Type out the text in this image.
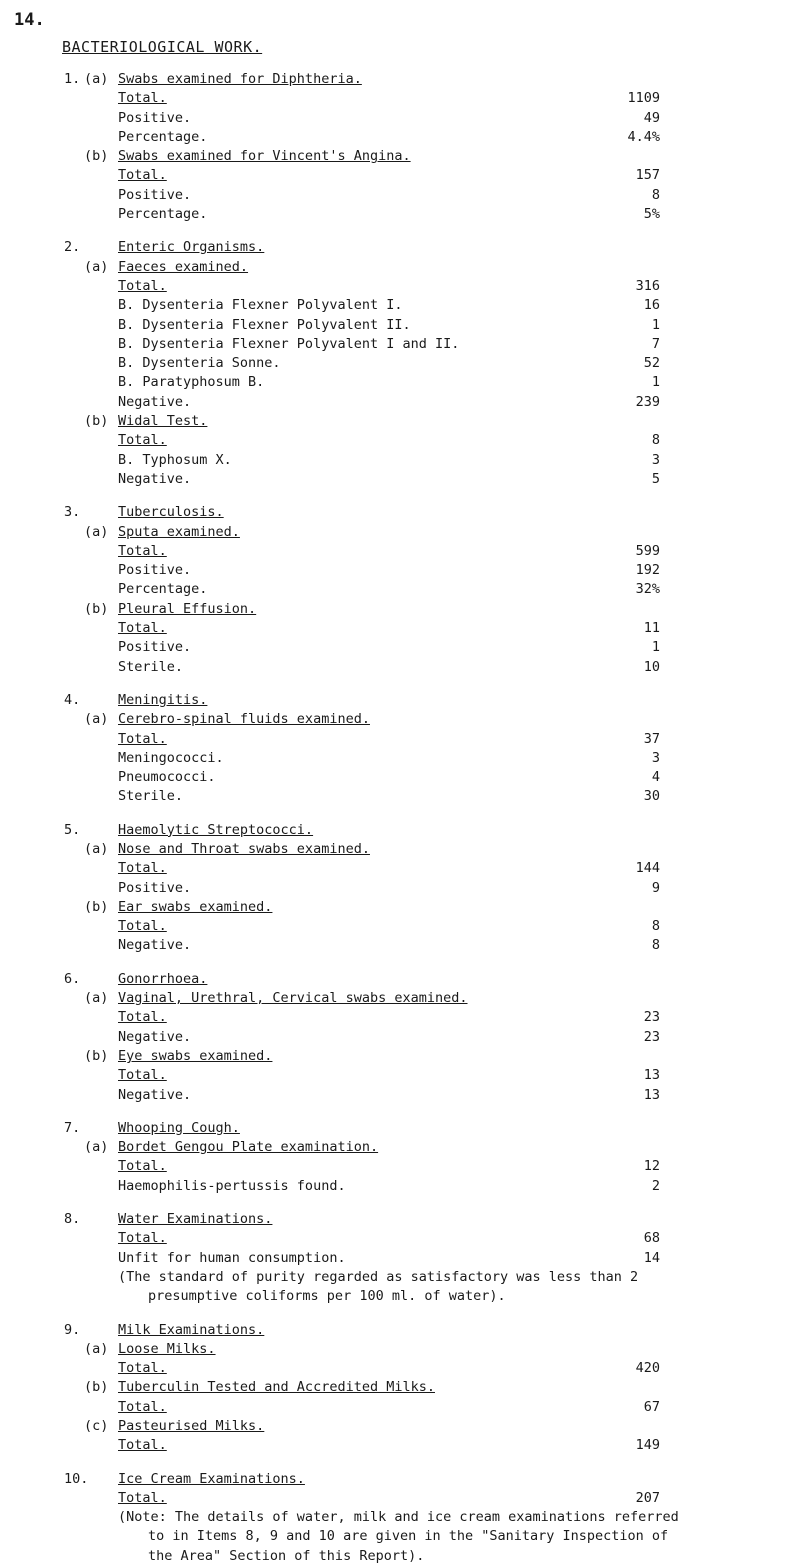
14.
BACTERIOLOGICAL WORK.
1. (a) Swabs examined for Diphtheria.
Total.	1109
Positive.	49
Percentage.	4.4%
(b) Swabs examined for Vincent's Angina.
Total.	157
Positive.	8
Percentage.	5%
2.	Enteric Organisms.
(a) Faeces examined.
Total.	316
B. Dysenteria Flexner Polyvalent I.	16
B. Dysenteria Flexner Polyvalent II.	1
B. Dysenteria Flexner Polyvalent I and II.	7
B. Dysenteria Sonne.	52
B. Paratyphosum B.	1
Negative.	239
(b) Widal Test.
Total.	8
B. Typhosum X.	3
Negative.	5
3.	Tuberculosis.
(a) Sputa examined.
Total.	599
Positive.	192
Percentage.	32%
(b) Pleural Effusion.
Total.	11
Positive.	1
Sterile.	10
4.	Meningitis.
(a) Cerebro-spinal fluids examined.
Total.	37
Meningococci.	3
Pneumococci.	4
Sterile.	30
5.	Haemolytic Streptococci.
(a) Nose and Throat swabs examined.
Total.	144
Positive.	9
(b) Ear swabs examined.
Total.	8
Negative.	8
6.	Gonorrhoea.
(a) Vaginal, Urethral, Cervical swabs examined.
Total.	23
Negative.	23
(b) Eye swabs examined.
Total.	13
Negative.	13
7.	Whooping Cough.
(a) Bordet Gengou Plate examination.
Total.	12
Haemophilis-pertussis found.	2
8.	Water Examinations.
Total.	68
Unfit for human consumption.	14
(The standard of purity regarded as satisfactory was less than 2
presumptive coliforms per 100 ml. of water).
9.	Milk Examinations.
(a) Loose Milks.
Total.	420
(b) Tuberculin Tested and Accredited Milks.
Total.	67
(c) Pasteurised Milks.
Total.	149
10. Ice Cream Examinations.
Total.	207
(Note: The details of water, milk and ice cream examinations referred
to in Items 8, 9 and 10 are given in the "Sanitary Inspection of
the Area" Section of this Report).
